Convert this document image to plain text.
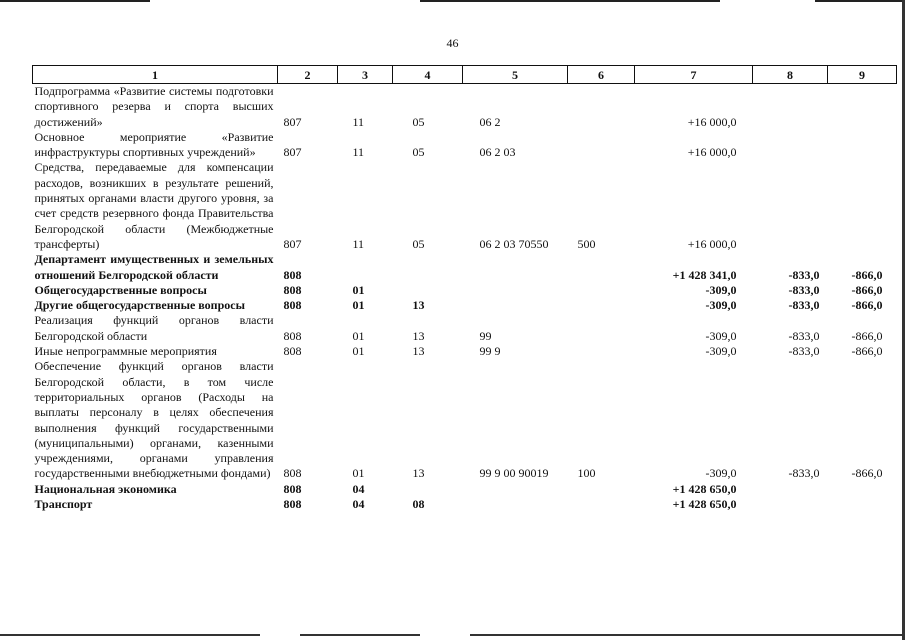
46
1	2	3	4	5	6	7	8	9
Подпрограмма «Развитие системы подготовки спортивного резерва и спорта высших достижений»	807	11	05	06 2		+16 000,0		
Основное мероприятие «Развитие инфраструктуры спортивных учреждений»	807	11	05	06 2 03		+16 000,0		
Средства, передаваемые для компенсации расходов, возникших в результате решений, принятых органами власти другого уровня, за счет средств резервного фонда Правительства Белгородской области (Межбюджетные трансферты)	807	11	05	06 2 03 70550	500	+16 000,0		
Департамент имущественных и земельных отношений Белгородской области	808					+1 428 341,0	-833,0	-866,0
Общегосударственные вопросы	808	01				-309,0	-833,0	-866,0
Другие общегосударственные вопросы	808	01	13			-309,0	-833,0	-866,0
Реализация функций органов власти Белгородской области	808	01	13	99		-309,0	-833,0	-866,0
Иные непрограммные мероприятия	808	01	13	99 9		-309,0	-833,0	-866,0
Обеспечение функций органов власти Белгородской области, в том числе территориальных органов (Расходы на выплаты персоналу в целях обеспечения выполнения функций государственными (муниципальными) органами, казенными учреждениями, органами управления государственными внебюджетными фондами)	808	01	13	99 9 00 90019	100	-309,0	-833,0	-866,0
Национальная экономика	808	04				+1 428 650,0		
Транспорт	808	04	08			+1 428 650,0		
